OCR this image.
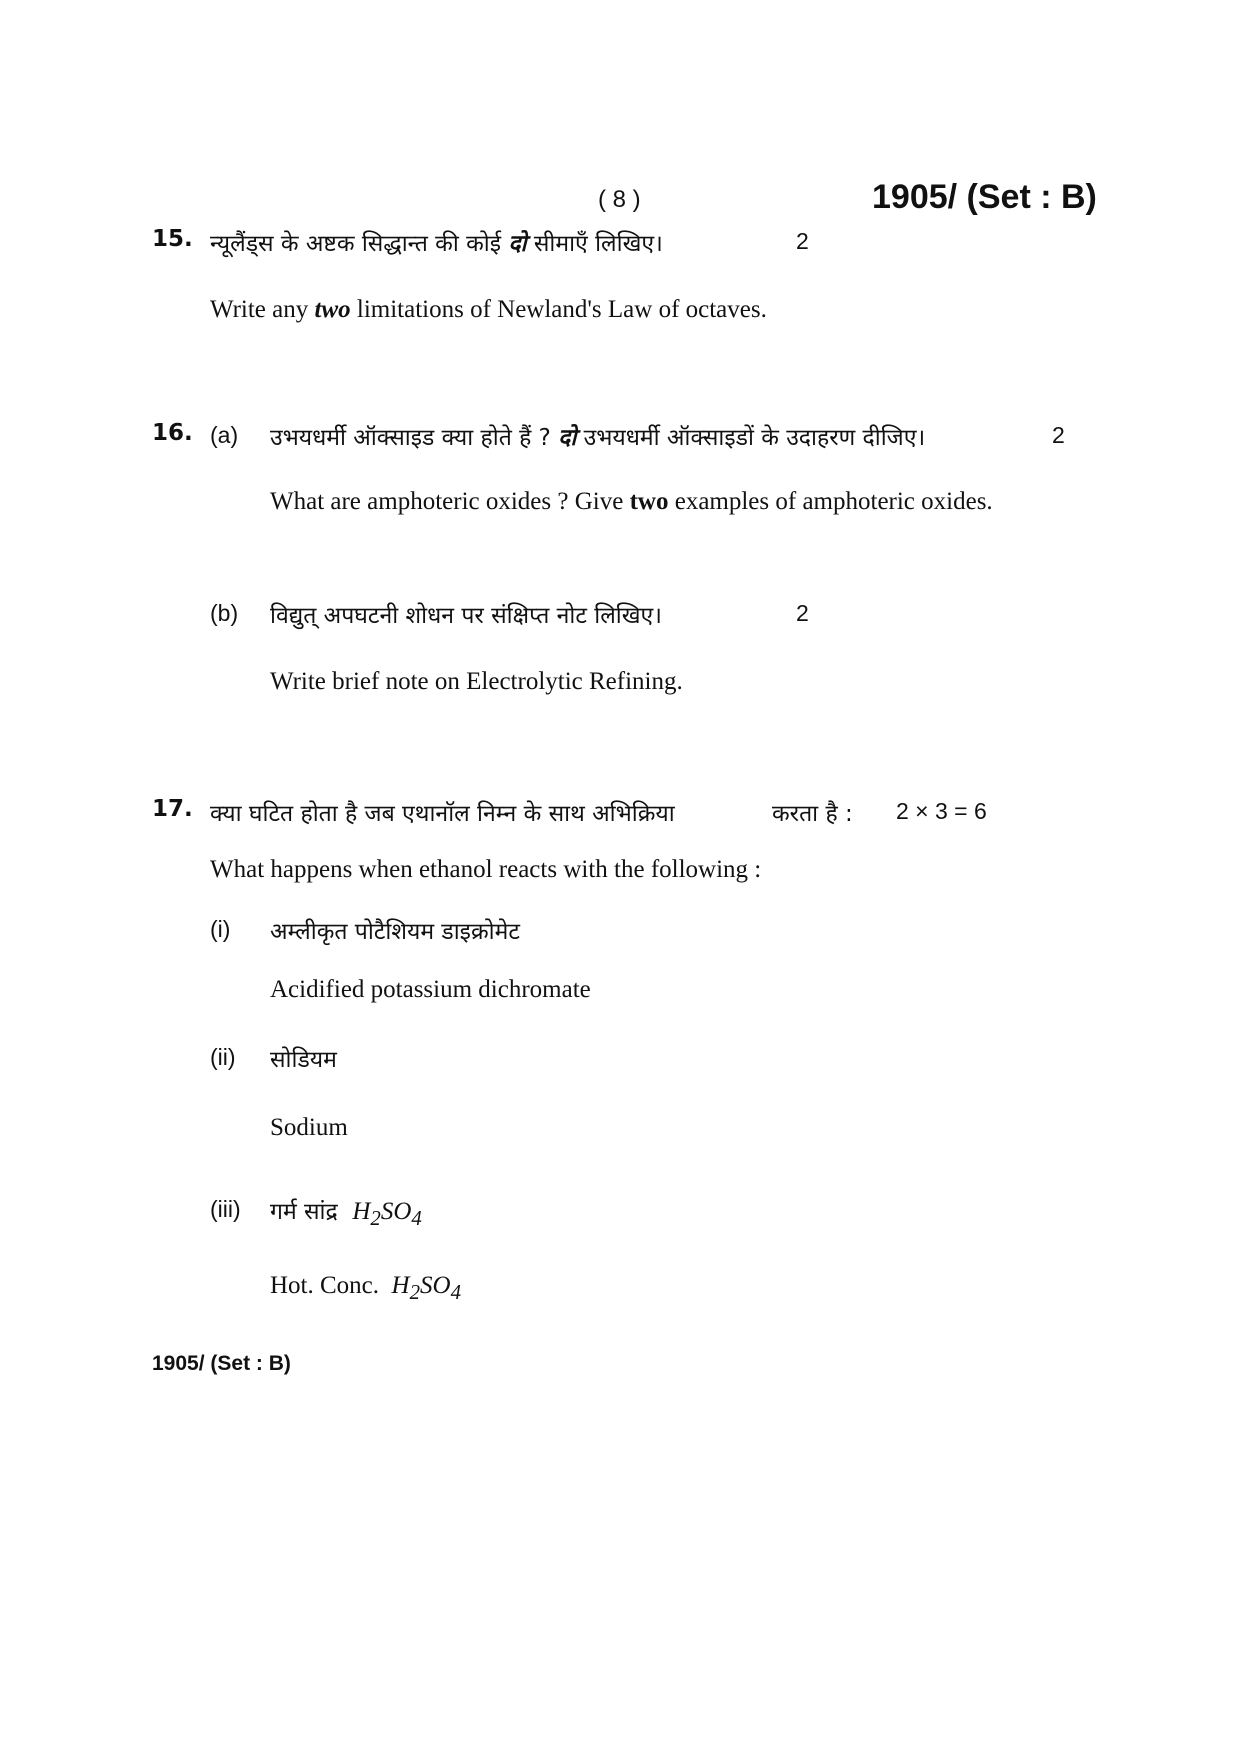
( 8 )	1905/ (Set : B)
15. न्यूलैंड्स के अष्टक सिद्धान्त की कोई दो सीमाएँ लिखिए।	2
Write any two limitations of Newland's Law of octaves.
16. (a) उभयधर्मी ऑक्साइड क्या होते हैं ? दो उभयधर्मी ऑक्साइडों के उदाहरण दीजिए।	2
What are amphoteric oxides ? Give two examples of amphoteric oxides.
(b) विद्युत् अपघटनी शोधन पर संक्षिप्त नोट लिखिए।	2
Write brief note on Electrolytic Refining.
17. क्या घटित होता है जब एथानॉल निम्न के साथ अभिक्रिया	करता है : 2 × 3 = 6
What happens when ethanol reacts with the following :
(i) अम्लीकृत पोटैशियम डाइक्रोमेट
Acidified potassium dichromate
(ii) सोडियम
Sodium
(iii) गर्म सांद्र $H_2SO_4$
Hot. Conc. $H_2SO_4$
1905/ (Set : B)
